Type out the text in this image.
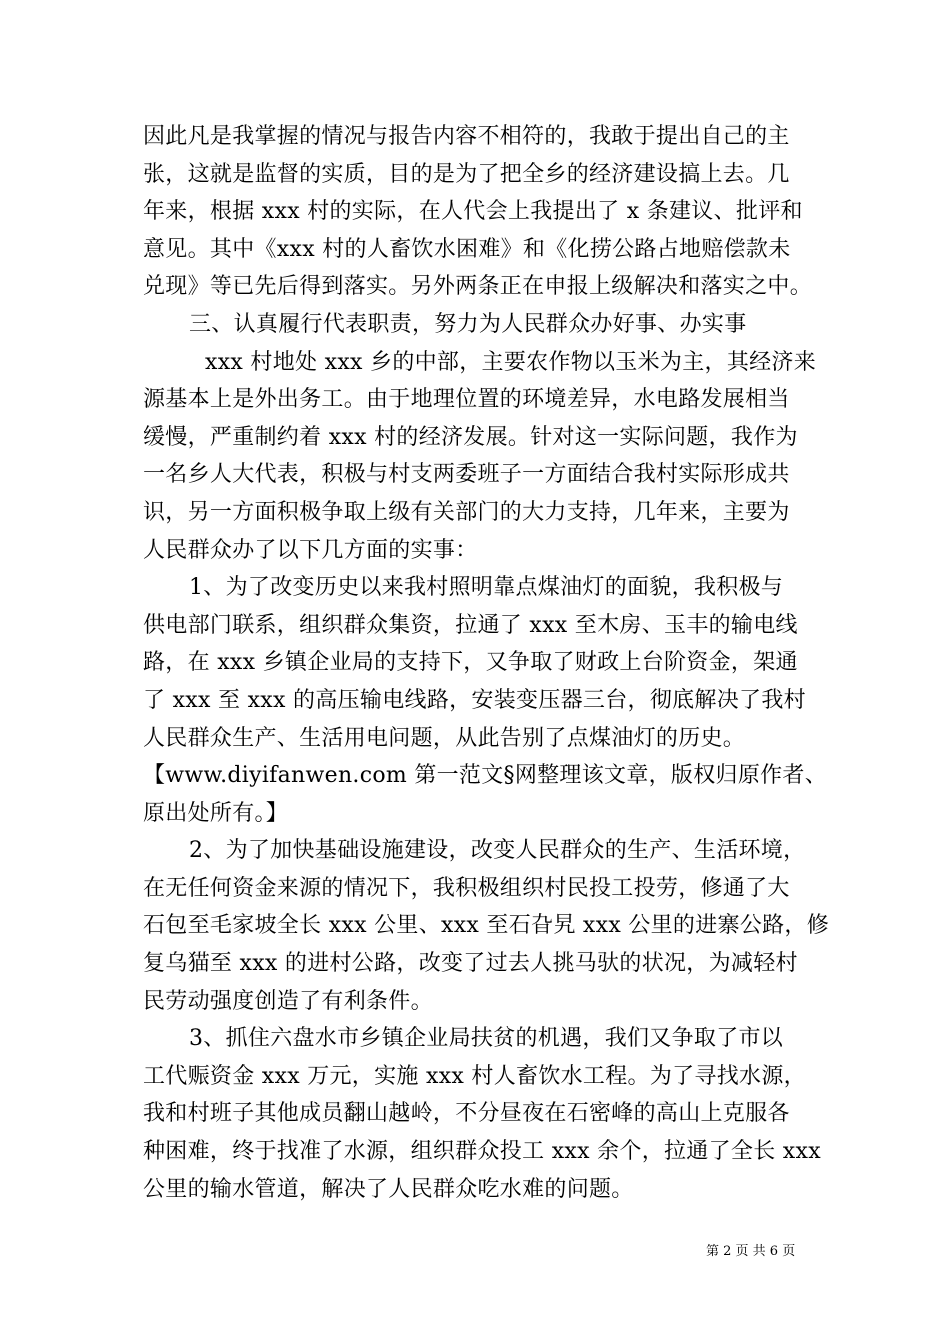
因此凡是我掌握的情况与报告内容不相符的，我敢于提出自己的主
张，这就是监督的实质，目的是为了把全乡的经济建设搞上去。几
年来，根据 xxx 村的实际，在人代会上我提出了 x 条建议、批评和
意见。其中《xxx 村的人畜饮水困难》和《化捞公路占地赔偿款未
兑现》等已先后得到落实。另外两条正在申报上级解决和落实之中。
三、认真履行代表职责，努力为人民群众办好事、办实事
xxx 村地处 xxx 乡的中部，主要农作物以玉米为主，其经济来
源基本上是外出务工。由于地理位置的环境差异，水电路发展相当
缓慢，严重制约着 xxx 村的经济发展。针对这一实际问题，我作为
一名乡人大代表，积极与村支两委班子一方面结合我村实际形成共
识，另一方面积极争取上级有关部门的大力支持，几年来，主要为
人民群众办了以下几方面的实事：
1、为了改变历史以来我村照明靠点煤油灯的面貌，我积极与
供电部门联系，组织群众集资，拉通了 xxx 至木房、玉丰的输电线
路，在 xxx 乡镇企业局的支持下，又争取了财政上台阶资金，架通
了 xxx 至 xxx 的高压输电线路，安装变压器三台，彻底解决了我村
人民群众生产、生活用电问题，从此告别了点煤油灯的历史。
【www.diyifanwen.com 第一范文§网整理该文章，版权归原作者、
原出处所有。】
2、为了加快基础设施建设，改变人民群众的生产、生活环境，
在无任何资金来源的情况下，我积极组织村民投工投劳，修通了大
石包至毛家坡全长 xxx 公里、xxx 至石旮旯 xxx 公里的进寨公路，修
复乌猫至 xxx 的进村公路，改变了过去人挑马驮的状况，为减轻村
民劳动强度创造了有利条件。
3、抓住六盘水市乡镇企业局扶贫的机遇，我们又争取了市以
工代赈资金 xxx 万元，实施 xxx 村人畜饮水工程。为了寻找水源，
我和村班子其他成员翻山越岭，不分昼夜在石密峰的高山上克服各
种困难，终于找准了水源，组织群众投工 xxx 余个，拉通了全长 xxx
公里的输水管道，解决了人民群众吃水难的问题。
第 2 页 共 6 页
